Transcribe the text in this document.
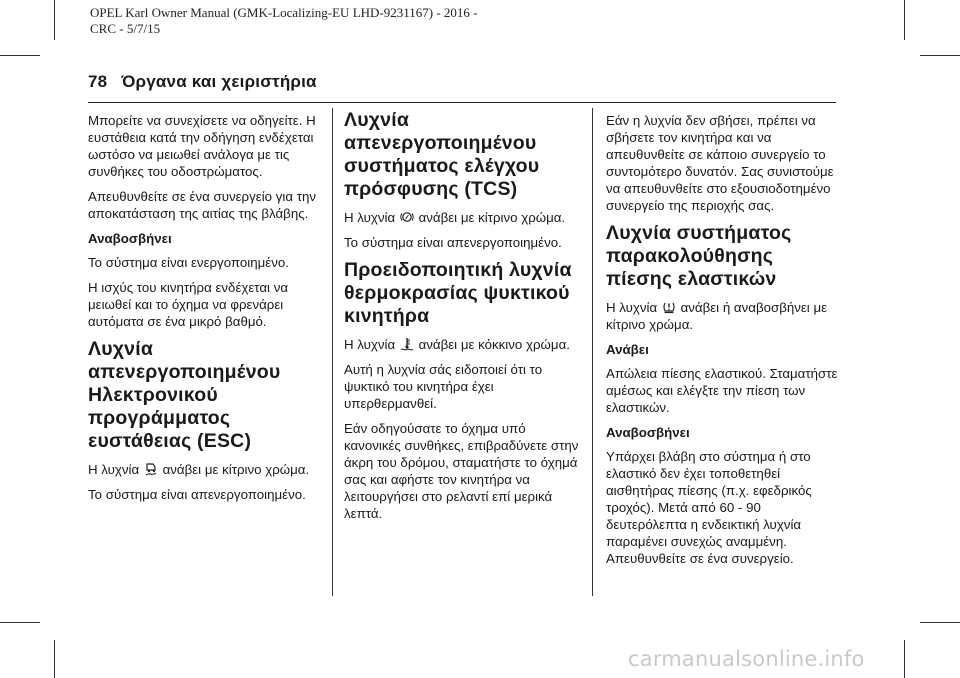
OPEL Karl Owner Manual (GMK-Localizing-EU LHD-9231167) - 2016 -
CRC - 5/7/15
78 Όργανα και χειριστήρια

Μπορείτε να συνεχίσετε να οδηγείτε. Η ευστάθεια κατά την οδήγηση ενδέχεται ωστόσο να μειωθεί ανάλογα με τις συνθήκες του οδοστρώματος.

Απευθυνθείτε σε ένα συνεργείο για την αποκατάσταση της αιτίας της βλάβης.

Αναβοσβήνει

Το σύστημα είναι ενεργοποιημένο.

Η ισχύς του κινητήρα ενδέχεται να μειωθεί και το όχημα να φρενάρει αυτόματα σε ένα μικρό βαθμό.

Λυχνία απενεργοποιημένου Ηλεκτρονικού προγράμματος ευστάθειας (ESC)

Η λυχνία ανάβει με κίτρινο χρώμα.

Το σύστημα είναι απενεργοποιημένο.

Λυχνία απενεργοποιημένου συστήματος ελέγχου πρόσφυσης (TCS)

Η λυχνία ανάβει με κίτρινο χρώμα.

Το σύστημα είναι απενεργοποιημένο.

Προειδοποιητική λυχνία θερμοκρασίας ψυκτικού κινητήρα

Η λυχνία ανάβει με κόκκινο χρώμα.

Αυτή η λυχνία σάς ειδοποιεί ότι το ψυκτικό του κινητήρα έχει υπερθερμανθεί.

Εάν οδηγούσατε το όχημα υπό κανονικές συνθήκες, επιβραδύνετε στην άκρη του δρόμου, σταματήστε το όχημά σας και αφήστε τον κινητήρα να λειτουργήσει στο ρελαντί επί μερικά λεπτά.

Εάν η λυχνία δεν σβήσει, πρέπει να σβήσετε τον κινητήρα και να απευθυνθείτε σε κάποιο συνεργείο το συντομότερο δυνατόν. Σας συνιστούμε να απευθυνθείτε στο εξουσιοδοτημένο συνεργείο της περιοχής σας.

Λυχνία συστήματος παρακολούθησης πίεσης ελαστικών

Η λυχνία ανάβει ή αναβοσβήνει με κίτρινο χρώμα.

Ανάβει

Απώλεια πίεσης ελαστικού. Σταματήστε αμέσως και ελέγξτε την πίεση των ελαστικών.

Αναβοσβήνει

Υπάρχει βλάβη στο σύστημα ή στο ελαστικό δεν έχει τοποθετηθεί αισθητήρας πίεσης (π.χ. εφεδρικός τροχός). Μετά από 60 - 90 δευτερόλεπτα η ενδεικτική λυχνία παραμένει συνεχώς αναμμένη. Απευθυνθείτε σε ένα συνεργείο.

carmanualsonline.info
